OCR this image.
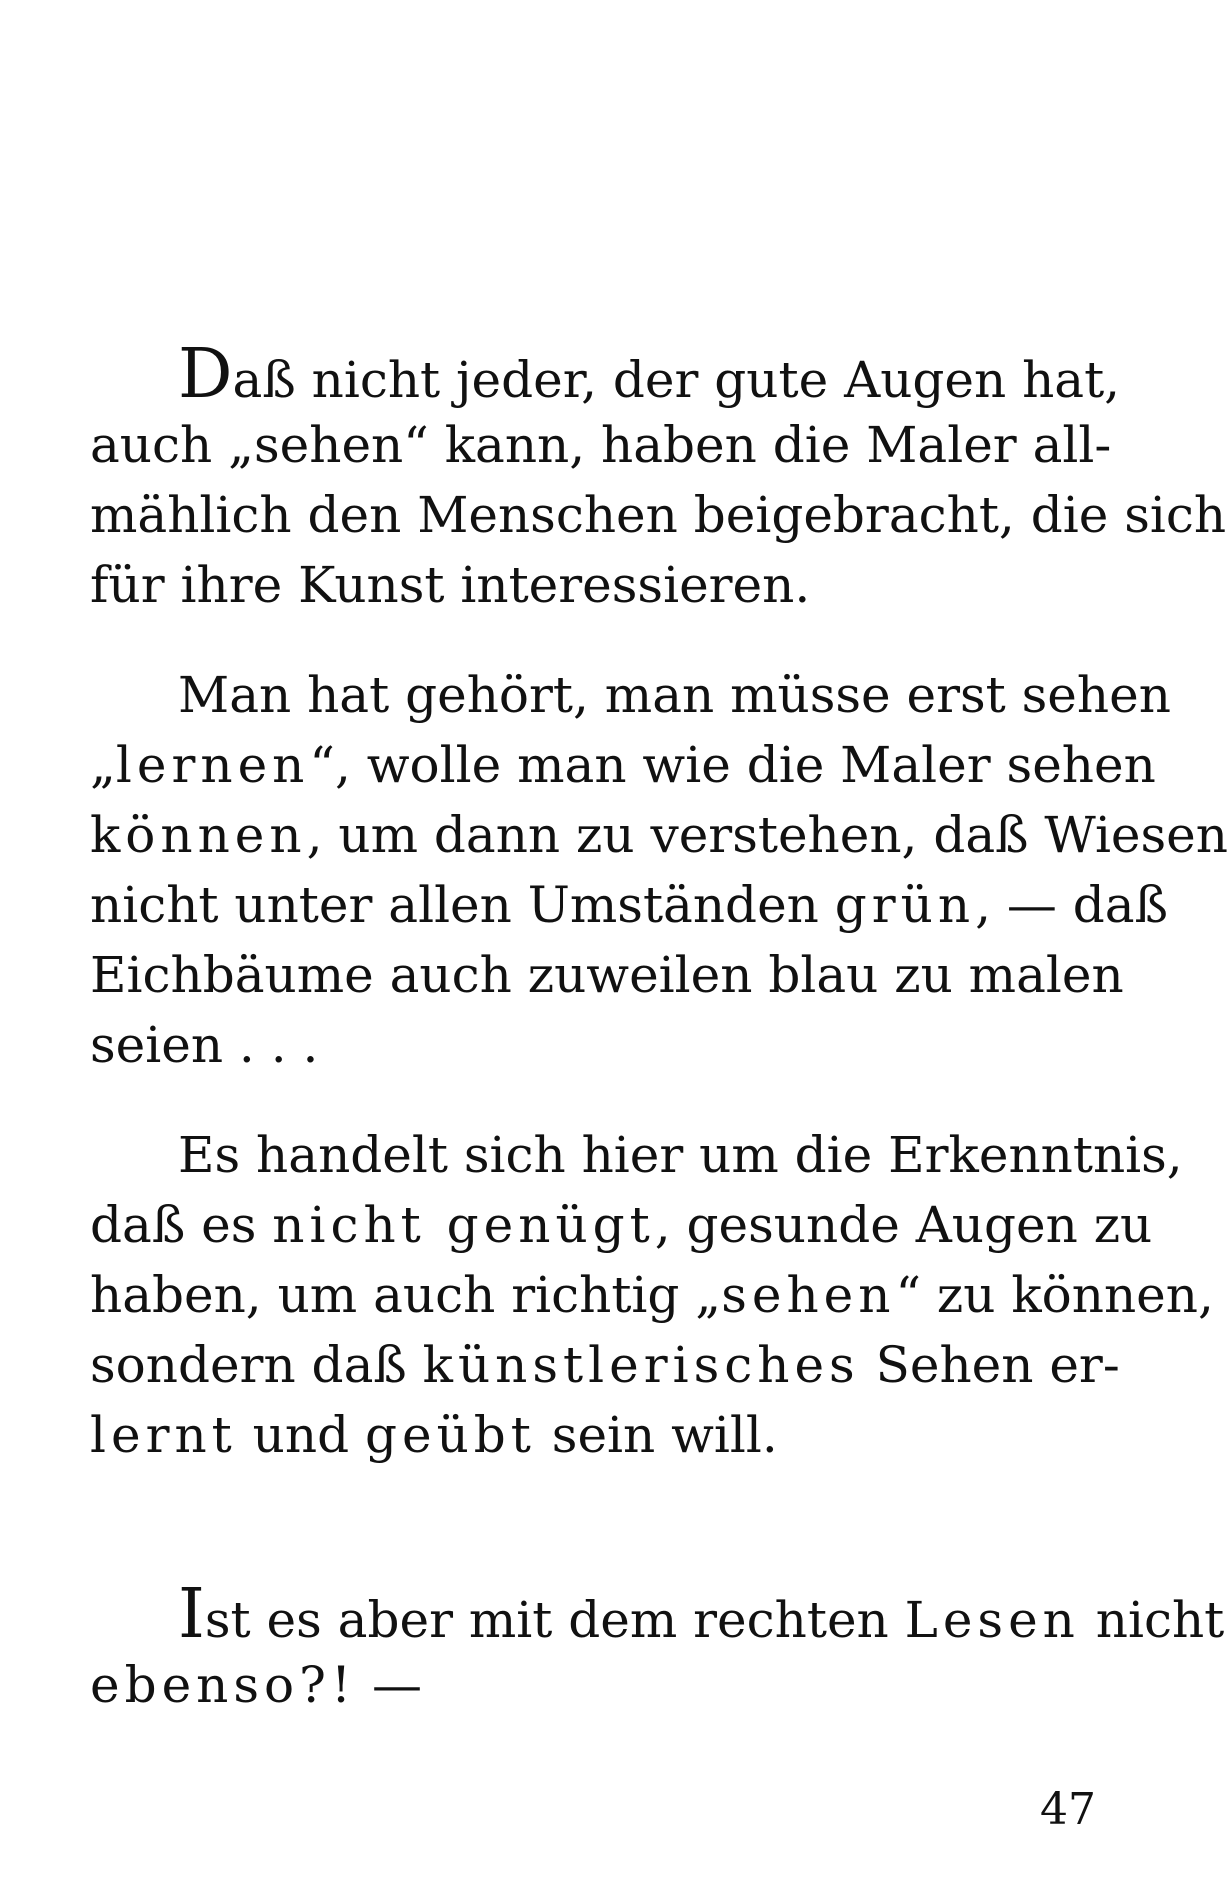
Daß nicht jeder, der gute Augen hat,
auch „sehen“ kann, haben die Maler all-
mählich den Menschen beigebracht, die sich
für ihre Kunst interessieren.
Man hat gehört, man müsse erst sehen
„lernen“, wolle man wie die Maler sehen
können, um dann zu verstehen, daß Wiesen
nicht unter allen Umständen grün, — daß
Eichbäume auch zuweilen blau zu malen
seien . . .
Es handelt sich hier um die Erkenntnis,
daß es nicht genügt, gesunde Augen zu
haben, um auch richtig „sehen“ zu können,
sondern daß künstlerisches Sehen er-
lernt und geübt sein will.
Ist es aber mit dem rechten Lesen nicht
ebenso?! —
47
